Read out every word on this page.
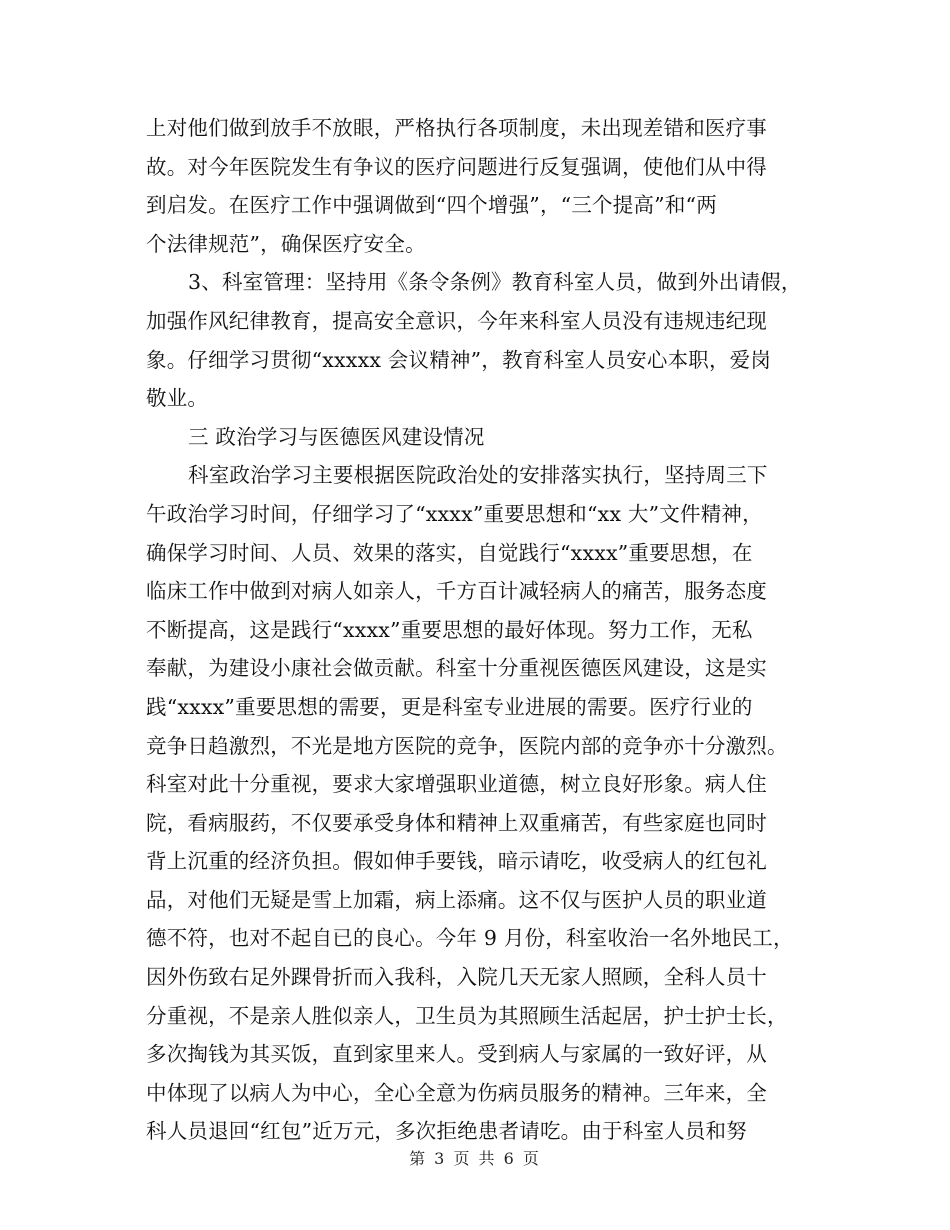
上对他们做到放手不放眼，严格执行各项制度，未出现差错和医疗事
故。对今年医院发生有争议的医疗问题进行反复强调，使他们从中得
到启发。在医疗工作中强调做到“四个增强”，“三个提高”和“两
个法律规范”，确保医疗安全。
3、科室管理：坚持用《条令条例》教育科室人员，做到外出请假，
加强作风纪律教育，提高安全意识，今年来科室人员没有违规违纪现
象。仔细学习贯彻“xxxxx 会议精神”，教育科室人员安心本职，爱岗
敬业。
三 政治学习与医德医风建设情况
科室政治学习主要根据医院政治处的安排落实执行，坚持周三下
午政治学习时间，仔细学习了“xxxx”重要思想和“xx 大”文件精神，
确保学习时间、人员、效果的落实，自觉践行“xxxx”重要思想，在
临床工作中做到对病人如亲人，千方百计减轻病人的痛苦，服务态度
不断提高，这是践行“xxxx”重要思想的最好体现。努力工作，无私
奉献，为建设小康社会做贡献。科室十分重视医德医风建设，这是实
践“xxxx”重要思想的需要，更是科室专业进展的需要。医疗行业的
竞争日趋激烈，不光是地方医院的竞争，医院内部的竞争亦十分激烈。
科室对此十分重视，要求大家增强职业道德，树立良好形象。病人住
院，看病服药，不仅要承受身体和精神上双重痛苦，有些家庭也同时
背上沉重的经济负担。假如伸手要钱，暗示请吃，收受病人的红包礼
品，对他们无疑是雪上加霜，病上添痛。这不仅与医护人员的职业道
德不符，也对不起自已的良心。今年 9 月份，科室收治一名外地民工，
因外伤致右足外踝骨折而入我科，入院几天无家人照顾，全科人员十
分重视，不是亲人胜似亲人，卫生员为其照顾生活起居，护士护士长，
多次掏钱为其买饭，直到家里来人。受到病人与家属的一致好评，从
中体现了以病人为中心，全心全意为伤病员服务的精神。三年来，全
科人员退回“红包”近万元，多次拒绝患者请吃。由于科室人员和努
第 3 页 共 6 页
